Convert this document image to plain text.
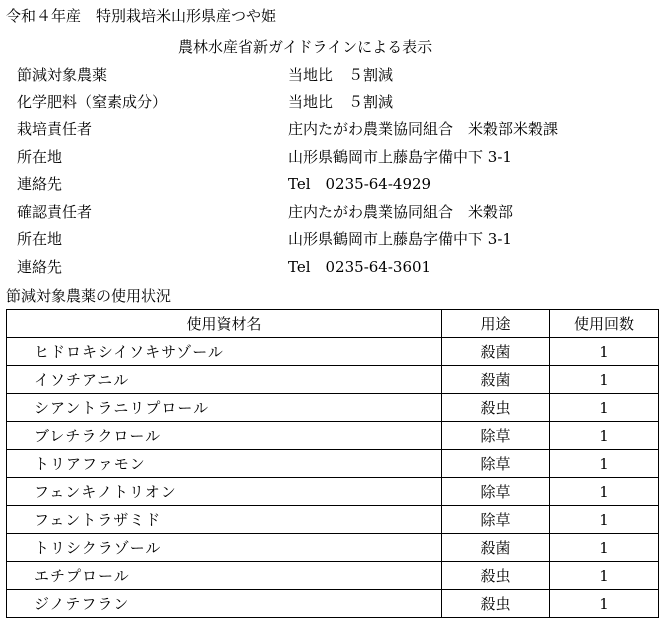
令和４年産　特別栽培米山形県産つや姫
農林水産省新ガイドラインによる表示
節減対象農薬	当地比　５割減
化学肥料（窒素成分）	当地比　５割減
栽培責任者	庄内たがわ農業協同組合　米穀部米穀課
所在地	山形県鶴岡市上藤島字備中下 3-1
連絡先	Tel　0235-64-4929
確認責任者	庄内たがわ農業協同組合　米穀部
所在地	山形県鶴岡市上藤島字備中下 3-1
連絡先	Tel　0235-64-3601
節減対象農薬の使用状況
使用資材名	用途	使用回数
ヒドロキシイソキサゾール	殺菌	1
イソチアニル	殺菌	1
シアントラニリプロール	殺虫	1
ブレチラクロール	除草	1
トリアファモン	除草	1
フェンキノトリオン	除草	1
フェントラザミド	除草	1
トリシクラゾール	殺菌	1
エチプロール	殺虫	1
ジノテフラン	殺虫	1
